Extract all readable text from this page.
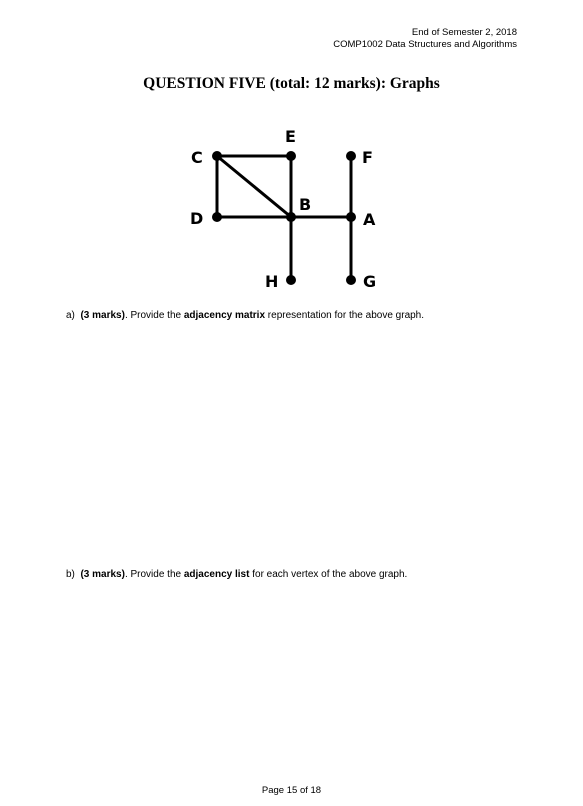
End of Semester 2, 2018
COMP1002 Data Structures and Algorithms
QUESTION FIVE (total: 12 marks): Graphs
C
E
F
D
B
A
H	G
a) (3 marks). Provide the adjacency matrix representation for the above graph.
b) (3 marks). Provide the adjacency list for each vertex of the above graph.
Page 15 of 18
